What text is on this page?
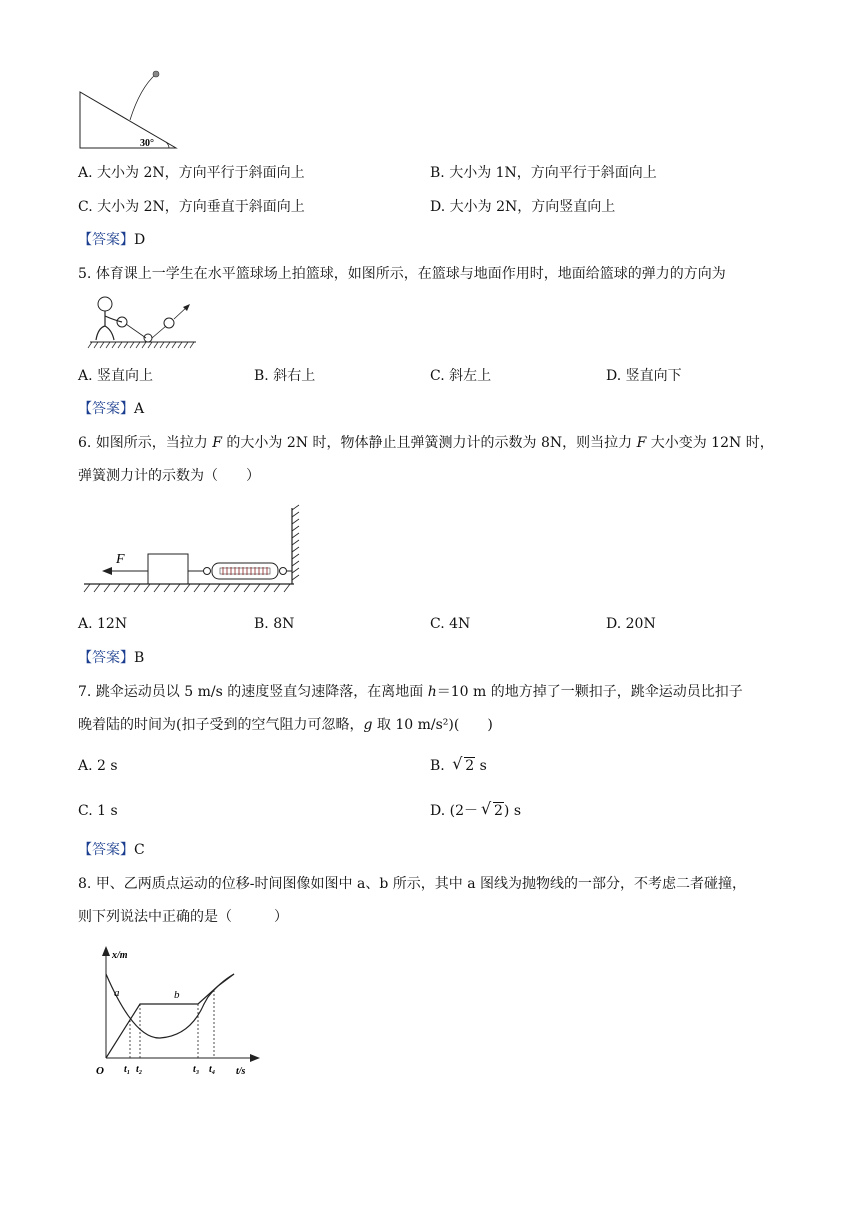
30°
A. 大小为 2N，方向平行于斜面向上	B. 大小为 1N，方向平行于斜面向上
C. 大小为 2N，方向垂直于斜面向上	D. 大小为 2N，方向竖直向上
【答案】D
5. 体育课上一学生在水平篮球场上拍篮球，如图所示，在篮球与地面作用时，地面给篮球的弹力的方向为
A. 竖直向上	B. 斜右上	C. 斜左上	D. 竖直向下
【答案】A
6. 如图所示，当拉力 F 的大小为 2N 时，物体静止且弹簧测力计的示数为 8N，则当拉力 F 大小变为 12N 时，
弹簧测力计的示数为（　　）
F
A. 12N	B. 8N	C. 4N	D. 20N
【答案】B
7. 跳伞运动员以 5 m/s 的速度竖直匀速降落，在离地面 h＝10 m 的地方掉了一颗扣子，跳伞运动员比扣子
晚着陆的时间为(扣子受到的空气阻力可忽略，g 取 10 m/s²)(　　)
A. 2 s	B. √ 2 s
C. 1 s	D. (2－ √ 2) s
【答案】C
8. 甲、乙两质点运动的位移-时间图像如图中 a、b 所示，其中 a 图线为抛物线的一部分，不考虑二者碰撞，
则下列说法中正确的是（　　　）
x/m
t/s
O
a	b
t₁ t₂	t₃ t₄
